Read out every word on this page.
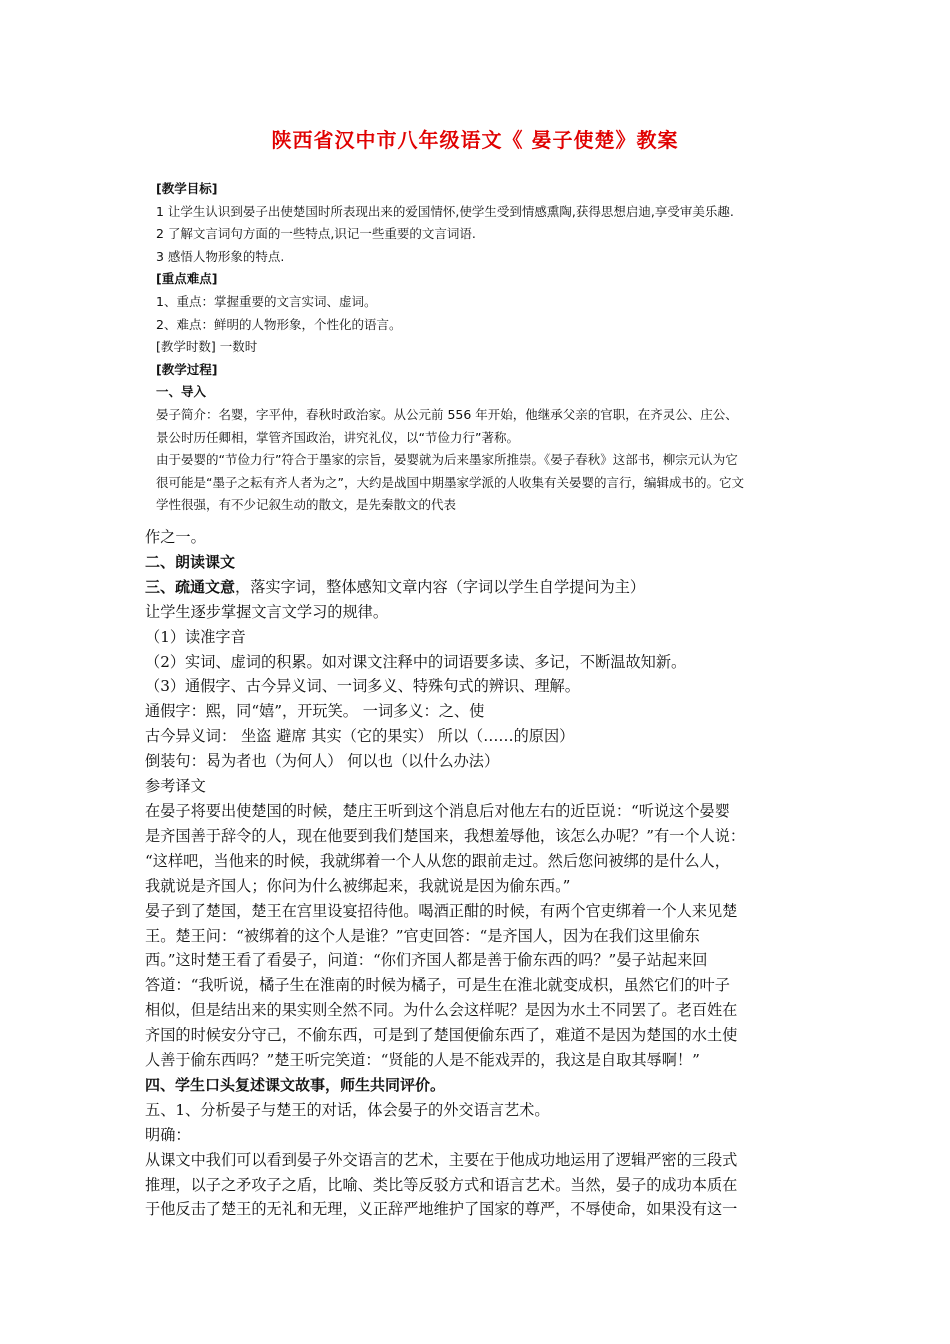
陕西省汉中市八年级语文《 晏子使楚》教案
[教学目标]
1 让学生认识到晏子出使楚国时所表现出来的爱国情怀,使学生受到情感熏陶,获得思想启迪,享受审美乐趣.
2 了解文言词句方面的一些特点,识记一些重要的文言词语.
3 感悟人物形象的特点.
[重点难点]
1、重点：掌握重要的文言实词、虚词。
2、难点：鲜明的人物形象，个性化的语言。
[教学时数] 一数时
[教学过程]
一、导入
晏子简介：名婴，字平仲，春秋时政治家。从公元前 556 年开始，他继承父亲的官职，在齐灵公、庄公、景公时历任卿相，掌管齐国政治，讲究礼仪，以“节俭力行”著称。
由于晏婴的“节俭力行”符合于墨家的宗旨，晏婴就为后来墨家所推崇。《晏子春秋》这部书，柳宗元认为它很可能是“墨子之耘有齐人者为之”，大约是战国中期墨家学派的人收集有关晏婴的言行，编辑成书的。它文学性很强，有不少记叙生动的散文，是先秦散文的代表
作之一。
二、朗读课文
三、疏通文意，落实字词，整体感知文章内容（字词以学生自学提问为主）
让学生逐步掌握文言文学习的规律。
（1）读准字音
（2）实词、虚词的积累。如对课文注释中的词语要多读、多记，不断温故知新。
（3）通假字、古今异义词、一词多义、特殊句式的辨识、理解。
通假字：熙，同“嬉”，开玩笑。 一词多义：之、使
古今异义词： 坐盗 避席 其实（它的果实） 所以（……的原因）
倒装句：曷为者也（为何人） 何以也（以什么办法）
参考译文
在晏子将要出使楚国的时候，楚庄王听到这个消息后对他左右的近臣说：“听说这个晏婴
是齐国善于辞令的人，现在他要到我们楚国来，我想羞辱他，该怎么办呢？”有一个人说：
“这样吧，当他来的时候，我就绑着一个人从您的跟前走过。然后您问被绑的是什么人，
我就说是齐国人；你问为什么被绑起来，我就说是因为偷东西。”
晏子到了楚国，楚王在宫里设宴招待他。喝酒正酣的时候，有两个官吏绑着一个人来见楚
王。楚王问：“被绑着的这个人是谁？”官吏回答：“是齐国人，因为在我们这里偷东
西。”这时楚王看了看晏子，问道：“你们齐国人都是善于偷东西的吗？”晏子站起来回
答道：“我听说，橘子生在淮南的时候为橘子，可是生在淮北就变成枳，虽然它们的叶子
相似，但是结出来的果实则全然不同。为什么会这样呢？是因为水土不同罢了。老百姓在
齐国的时候安分守己，不偷东西，可是到了楚国便偷东西了，难道不是因为楚国的水土使
人善于偷东西吗？”楚王听完笑道：“贤能的人是不能戏弄的，我这是自取其辱啊！”
四、学生口头复述课文故事，师生共同评价。
五、1、分析晏子与楚王的对话，体会晏子的外交语言艺术。
明确：
从课文中我们可以看到晏子外交语言的艺术，主要在于他成功地运用了逻辑严密的三段式
推理，以子之矛攻子之盾，比喻、类比等反驳方式和语言艺术。当然，晏子的成功本质在
于他反击了楚王的无礼和无理，义正辞严地维护了国家的尊严，不辱使命，如果没有这一
